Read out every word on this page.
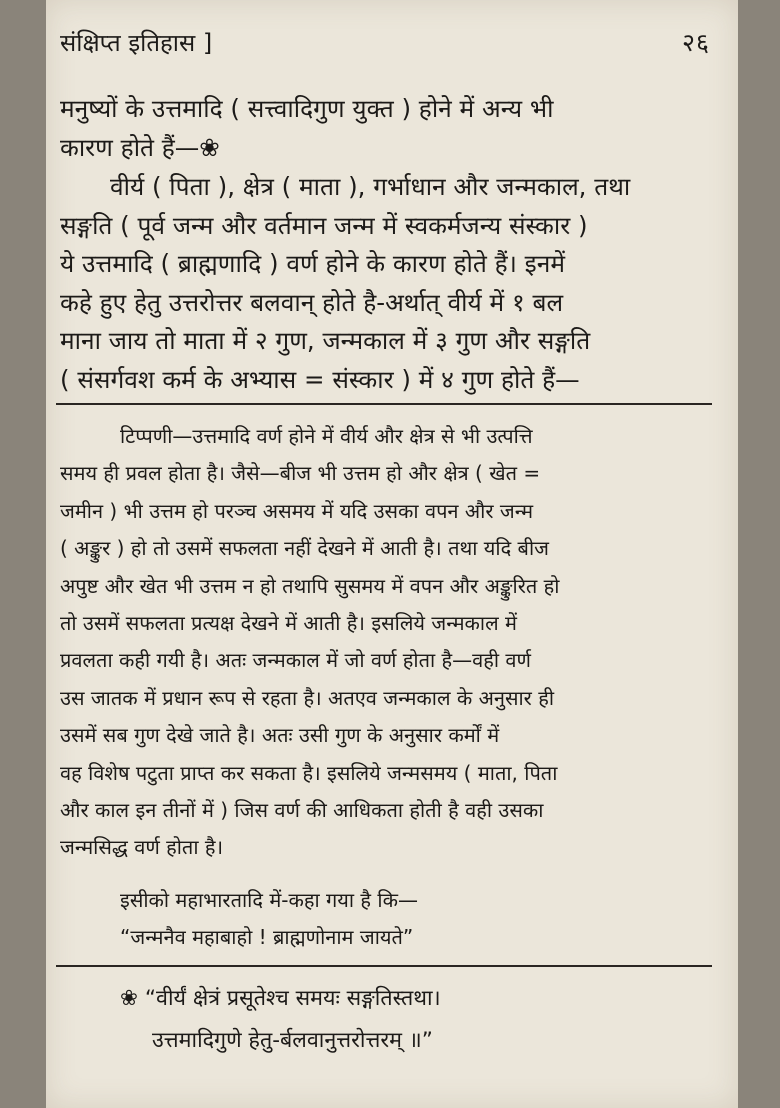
संक्षिप्त इतिहास ]	२६
मनुष्यों के उत्तमादि ( सत्त्वादिगुण युक्त ) होने में अन्य भी
कारण होते हैं—❀
वीर्य ( पिता ), क्षेत्र ( माता ), गर्भाधान और जन्मकाल, तथा
सङ्गति ( पूर्व जन्म और वर्तमान जन्म में स्वकर्मजन्य संस्कार )
ये उत्तमादि ( ब्राह्मणादि ) वर्ण होने के कारण होते हैं। इनमें
कहे हुए हेतु उत्तरोत्तर बलवान् होते है-अर्थात् वीर्य में १ बल
माना जाय तो माता में २ गुण, जन्मकाल में ३ गुण और सङ्गति
( संसर्गवश कर्म के अभ्यास = संस्कार ) में ४ गुण होते हैं—
टिप्पणी—उत्तमादि वर्ण होने में वीर्य और क्षेत्र से भी उत्पत्ति
समय ही प्रवल होता है। जैसे—बीज भी उत्तम हो और क्षेत्र ( खेत =
जमीन ) भी उत्तम हो परञ्च असमय में यदि उसका वपन और जन्म
( अङ्कुर ) हो तो उसमें सफलता नहीं देखने में आती है। तथा यदि बीज
अपुष्ट और खेत भी उत्तम न हो तथापि सुसमय में वपन और अङ्कुरित हो
तो उसमें सफलता प्रत्यक्ष देखने में आती है। इसलिये जन्मकाल में
प्रवलता कही गयी है। अतः जन्मकाल में जो वर्ण होता है—वही वर्ण
उस जातक में प्रधान रूप से रहता है। अतएव जन्मकाल के अनुसार ही
उसमें सब गुण देखे जाते है। अतः उसी गुण के अनुसार कर्मों में
वह विशेष पटुता प्राप्त कर सकता है। इसलिये जन्मसमय ( माता, पिता
और काल इन तीनों में ) जिस वर्ण की आधिकता होती है वही उसका
जन्मसिद्ध वर्ण होता है।
इसीको महाभारतादि में-कहा गया है कि—
“जन्मनैव महाबाहो ! ब्राह्मणोनाम जायते”
❀ “वीर्यं क्षेत्रं प्रसूतेश्च समयः सङ्गतिस्तथा।
उत्तमादिगुणे हेतु-र्बलवानुत्तरोत्तरम् ॥”
